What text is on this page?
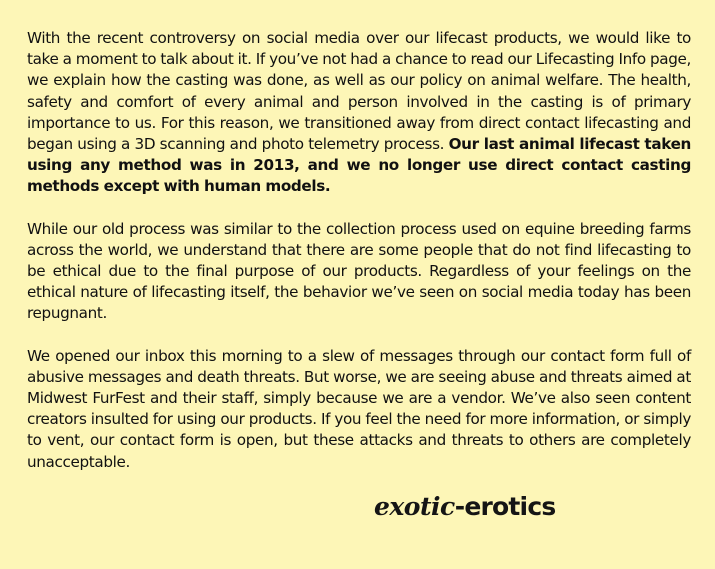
With the recent controversy on social media over our lifecast products, we would like to take a moment to talk about it. If you’ve not had a chance to read our Lifecasting Info page, we explain how the casting was done, as well as our policy on animal welfare. The health, safety and comfort of every animal and person involved in the casting is of primary importance to us. For this reason, we transitioned away from direct contact lifecasting and began using a 3D scanning and photo telemetry process. Our last animal lifecast taken using any method was in 2013, and we no longer use direct contact casting methods except with human models.

While our old process was similar to the collection process used on equine breeding farms across the world, we understand that there are some people that do not find lifecasting to be ethical due to the final purpose of our products. Regardless of your feelings on the ethical nature of lifecasting itself, the behavior we’ve seen on social media today has been repugnant.

We opened our inbox this morning to a slew of messages through our contact form full of abusive messages and death threats. But worse, we are seeing abuse and threats aimed at Midwest FurFest and their staff, simply because we are a vendor. We’ve also seen content creators insulted for using our products. If you feel the need for more information, or simply to vent, our contact form is open, but these attacks and threats to others are completely unacceptable.

exotic-erotics
